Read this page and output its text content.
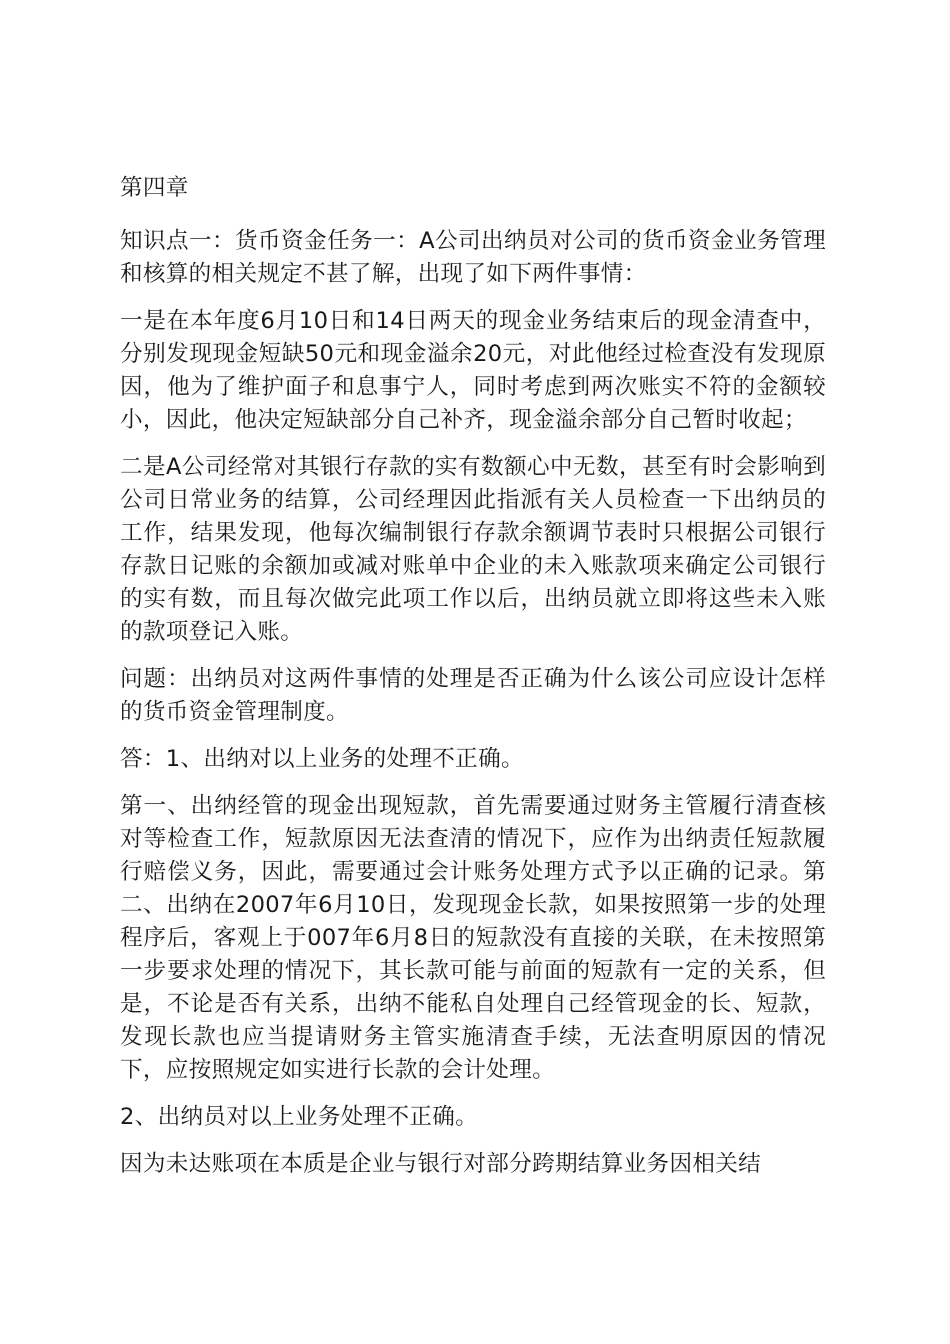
第四章

知识点一：货币资金任务一：A公司出纳员对公司的货币资金业务管理和核算的相关规定不甚了解，出现了如下两件事情：

一是在本年度6月10日和14日两天的现金业务结束后的现金清查中，分别发现现金短缺50元和现金溢余20元，对此他经过检查没有发现原因，他为了维护面子和息事宁人，同时考虑到两次账实不符的金额较小，因此，他决定短缺部分自己补齐，现金溢余部分自己暂时收起；

二是A公司经常对其银行存款的实有数额心中无数，甚至有时会影响到公司日常业务的结算，公司经理因此指派有关人员检查一下出纳员的工作，结果发现，他每次编制银行存款余额调节表时只根据公司银行存款日记账的余额加或减对账单中企业的未入账款项来确定公司银行的实有数，而且每次做完此项工作以后，出纳员就立即将这些未入账的款项登记入账。

问题：出纳员对这两件事情的处理是否正确为什么该公司应设计怎样的货币资金管理制度。

答：1、出纳对以上业务的处理不正确。

第一、出纳经管的现金出现短款，首先需要通过财务主管履行清查核对等检查工作，短款原因无法查清的情况下，应作为出纳责任短款履行赔偿义务，因此，需要通过会计账务处理方式予以正确的记录。第二、出纳在2007年6月10日，发现现金长款，如果按照第一步的处理程序后，客观上于007年6月8日的短款没有直接的关联，在未按照第一步要求处理的情况下，其长款可能与前面的短款有一定的关系，但是，不论是否有关系，出纳不能私自处理自己经管现金的长、短款，发现长款也应当提请财务主管实施清查手续，无法查明原因的情况下，应按照规定如实进行长款的会计处理。

2、出纳员对以上业务处理不正确。

因为未达账项在本质是企业与银行对部分跨期结算业务因相关结
